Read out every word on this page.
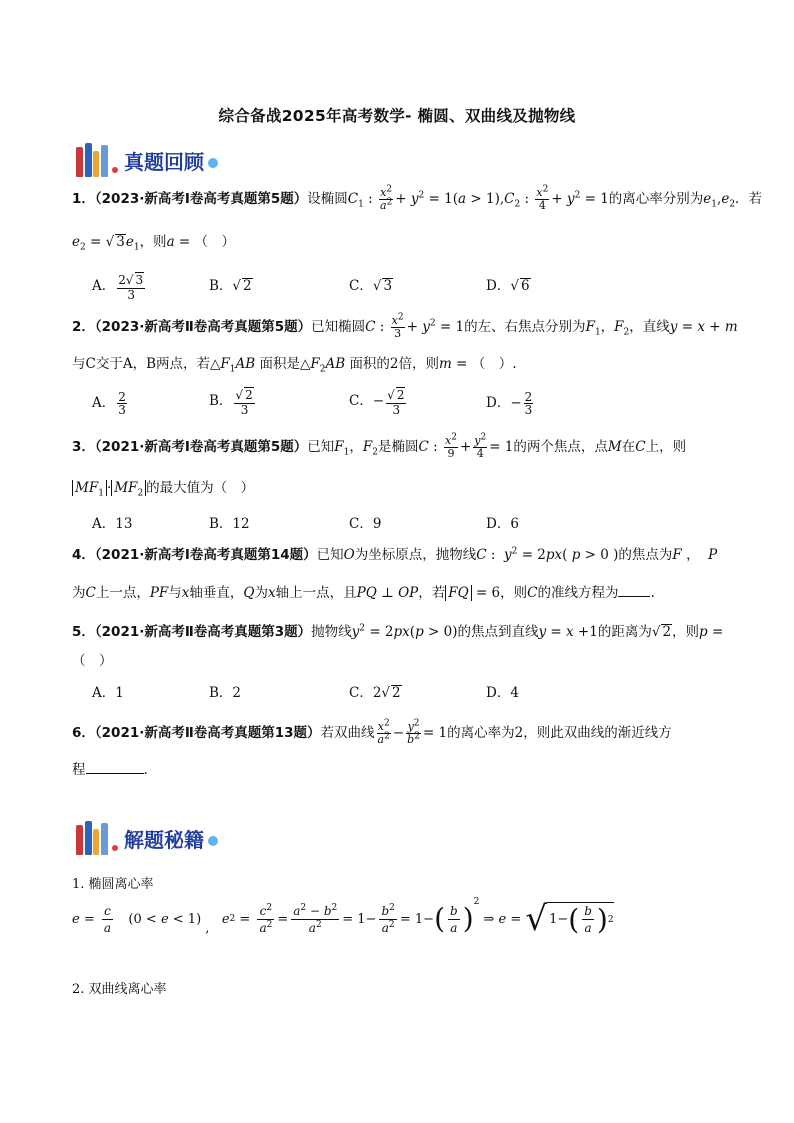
综合备战2025年高考数学- 椭圆、双曲线及抛物线
真题回顾
1．（2023·新高考Ⅰ卷高考真题第5题）设椭圆$C_1$ : $\frac{x^2}{a^2} + y^2 = 1(a > 1),C_2$ : $\frac{x^2}{4} + y^2 = 1$的离心率分别为$e_1,e_2$．若
$e_2$ = √ $3e_1$，则a = （　）
A． $\frac{2√ 3}{3}$	B．√ 2	C．√ 3	D．√ 6
2．（2023·新高考Ⅱ卷高考真题第5题）已知椭圆C : $\frac{x^2}{3} + y^2 = 1$的左、右焦点分别为$F_1$，$F_2$，直线y = x + m
与C交于A，B两点，若$\triangle F_1AB$ 面积是$\triangle F_2AB$ 面积的2倍，则m = （　）.
A． $\frac{2}{3}$	B． $\frac{√ 2}{3}$	C．− $\frac{√ 2}{3}$	D．− $\frac{2}{3}$
3．（2021·新高考Ⅰ卷高考真题第5题）已知$F_1$，$F_2$是椭圆C : $\frac{x^2}{9} + \frac{y^2}{4} = 1$的两个焦点，点M在C上，则
$MF_1 \cdot MF_2$ 的最大值为（　）
A．13	B．12	C．9	D．6
4．（2021·新高考Ⅰ卷高考真题第14题）已知O为坐标原点，抛物线C :  $y^2 = 2px$( p > 0 )的焦点为F ，  P
为C上一点，PF与x轴垂直，Q为x轴上一点，且PQ ⊥ OP，若 FQ = 6，则C的准线方程为 .
5．（2021·新高考Ⅱ卷高考真题第3题）抛物线$y^2 = 2px(p > 0)$的焦点到直线y = x +1的距离为√ 2，则p =
（　）
A．1	B．2	C．2√ 2	D．4
6．（2021·新高考Ⅱ卷高考真题第13题）若双曲线 $\frac{x^2}{a^2} - \frac{y^2}{b^2} = 1$的离心率为2，则此双曲线的渐近线方
程	.
解题秘籍
1. 椭圆离心率
e =
c
a
(0 < e < 1)
,

e 2 =
$c^2$
$a^2$ =
$a^2 - b^2$
$a^2$	= 1−
$b^2$
$a^2 = 1-$ ( b
a ) 2
⇒ e = √ 1− ( b
a ) 2
2. 双曲线离心率
